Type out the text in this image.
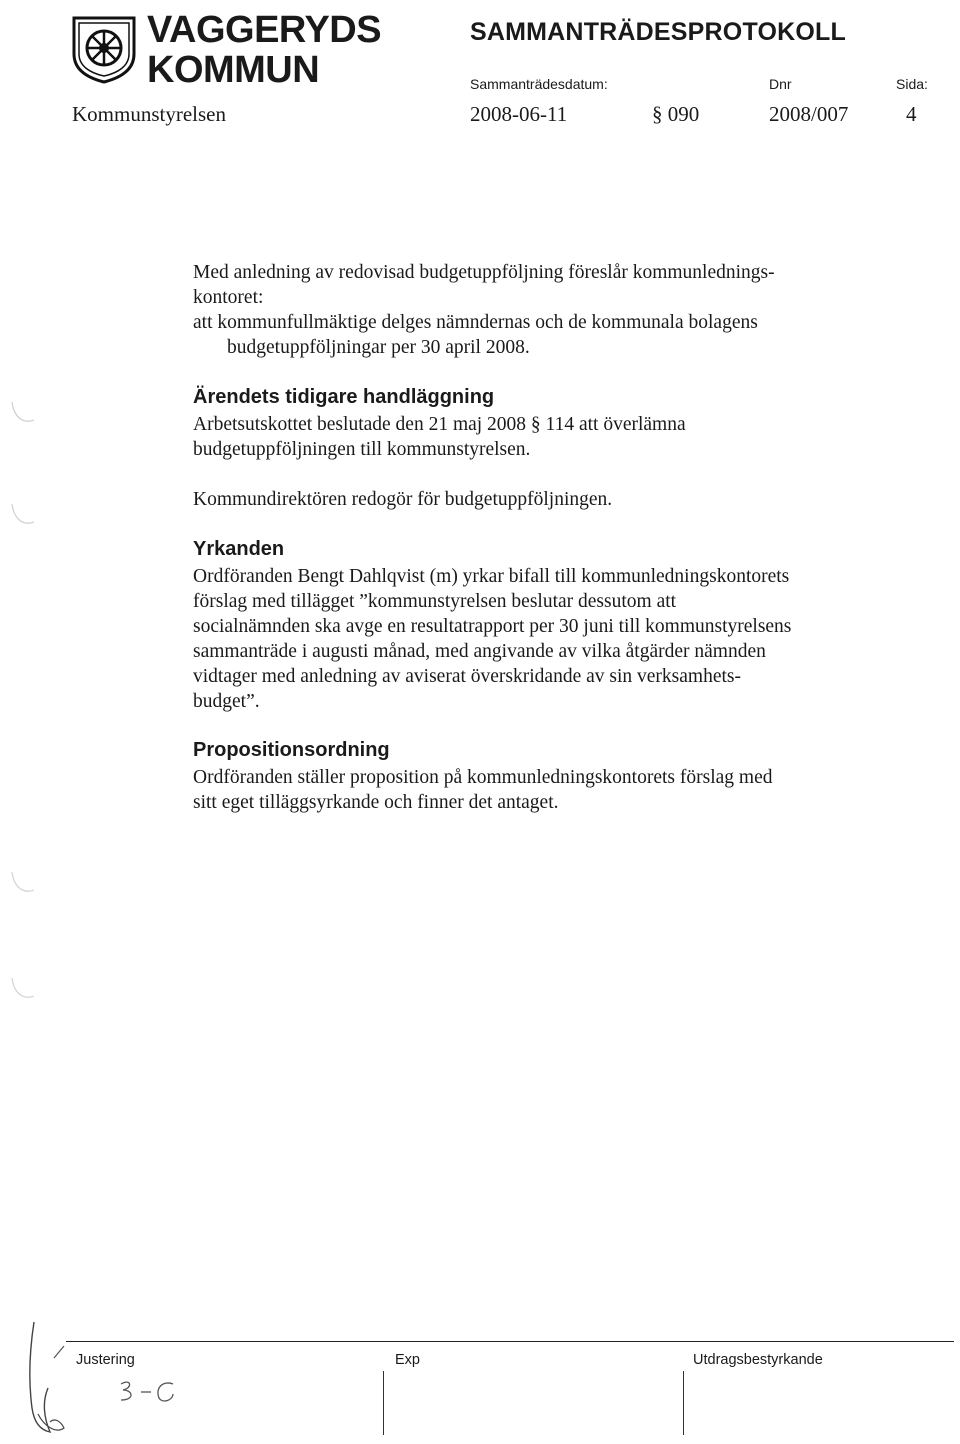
VAGGERYDS
KOMMUN
SAMMANTRÄDESPROTOKOLL
Sammanträdesdatum:	Dnr	Sida:
Kommunstyrelsen	2008-06-11	§ 090	2008/007	4

Med anledning av redovisad budgetuppföljning föreslår kommunlednings-

kontoret:

att kommunfullmäktige delges nämndernas och de kommunala bolagens

budgetuppföljningar per 30 april 2008.

Ärendets tidigare handläggning

Arbetsutskottet beslutade den 21 maj 2008 § 114 att överlämna

budgetuppföljningen till kommunstyrelsen.

Kommundirektören redogör för budgetuppföljningen.

Yrkanden

Ordföranden Bengt Dahlqvist (m) yrkar bifall till kommunledningskontorets

förslag med tillägget ”kommunstyrelsen beslutar dessutom att

socialnämnden ska avge en resultatrapport per 30 juni till kommunstyrelsens

sammanträde i augusti månad, med angivande av vilka åtgärder nämnden

vidtager med anledning av aviserat överskridande av sin verksamhets-

budget”.

Propositionsordning

Ordföranden ställer proposition på kommunledningskontorets förslag med

sitt eget tilläggsyrkande och finner det antaget.

Justering	Exp	Utdragsbestyrkande
